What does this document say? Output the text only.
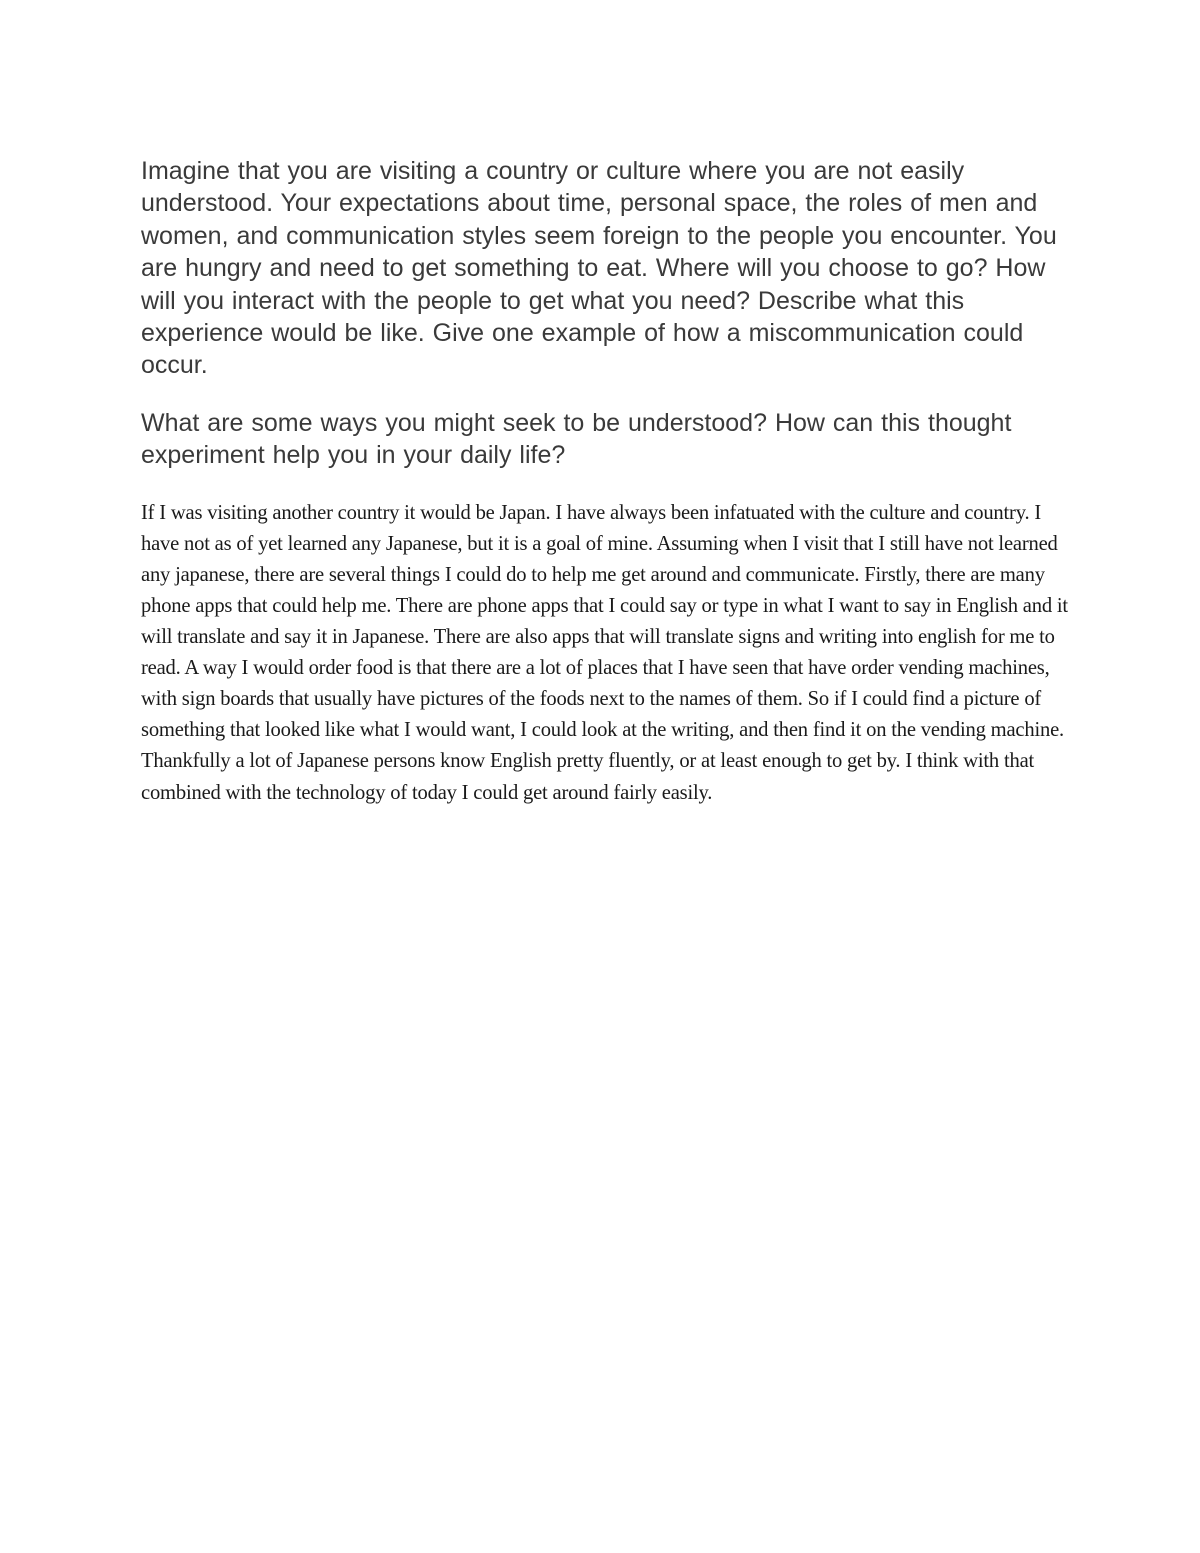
Imagine that you are visiting a country or culture where you are not easily understood. Your expectations about time, personal space, the roles of men and women, and communication styles seem foreign to the people you encounter. You are hungry and need to get something to eat. Where will you choose to go? How will you interact with the people to get what you need? Describe what this experience would be like. Give one example of how a miscommunication could occur.

What are some ways you might seek to be understood? How can this thought experiment help you in your daily life?

If I was visiting another country it would be Japan. I have always been infatuated with the culture and country. I have not as of yet learned any Japanese, but it is a goal of mine. Assuming when I visit that I still have not learned any japanese, there are several things I could do to help me get around and communicate. Firstly, there are many phone apps that could help me. There are phone apps that I could say or type in what I want to say in English and it will translate and say it in Japanese. There are also apps that will translate signs and writing into english for me to read. A way I would order food is that there are a lot of places that I have seen that have order vending machines, with sign boards that usually have pictures of the foods next to the names of them. So if I could find a picture of something that looked like what I would want, I could look at the writing, and then find it on the vending machine. Thankfully a lot of Japanese persons know English pretty fluently, or at least enough to get by. I think with that combined with the technology of today I could get around fairly easily.
